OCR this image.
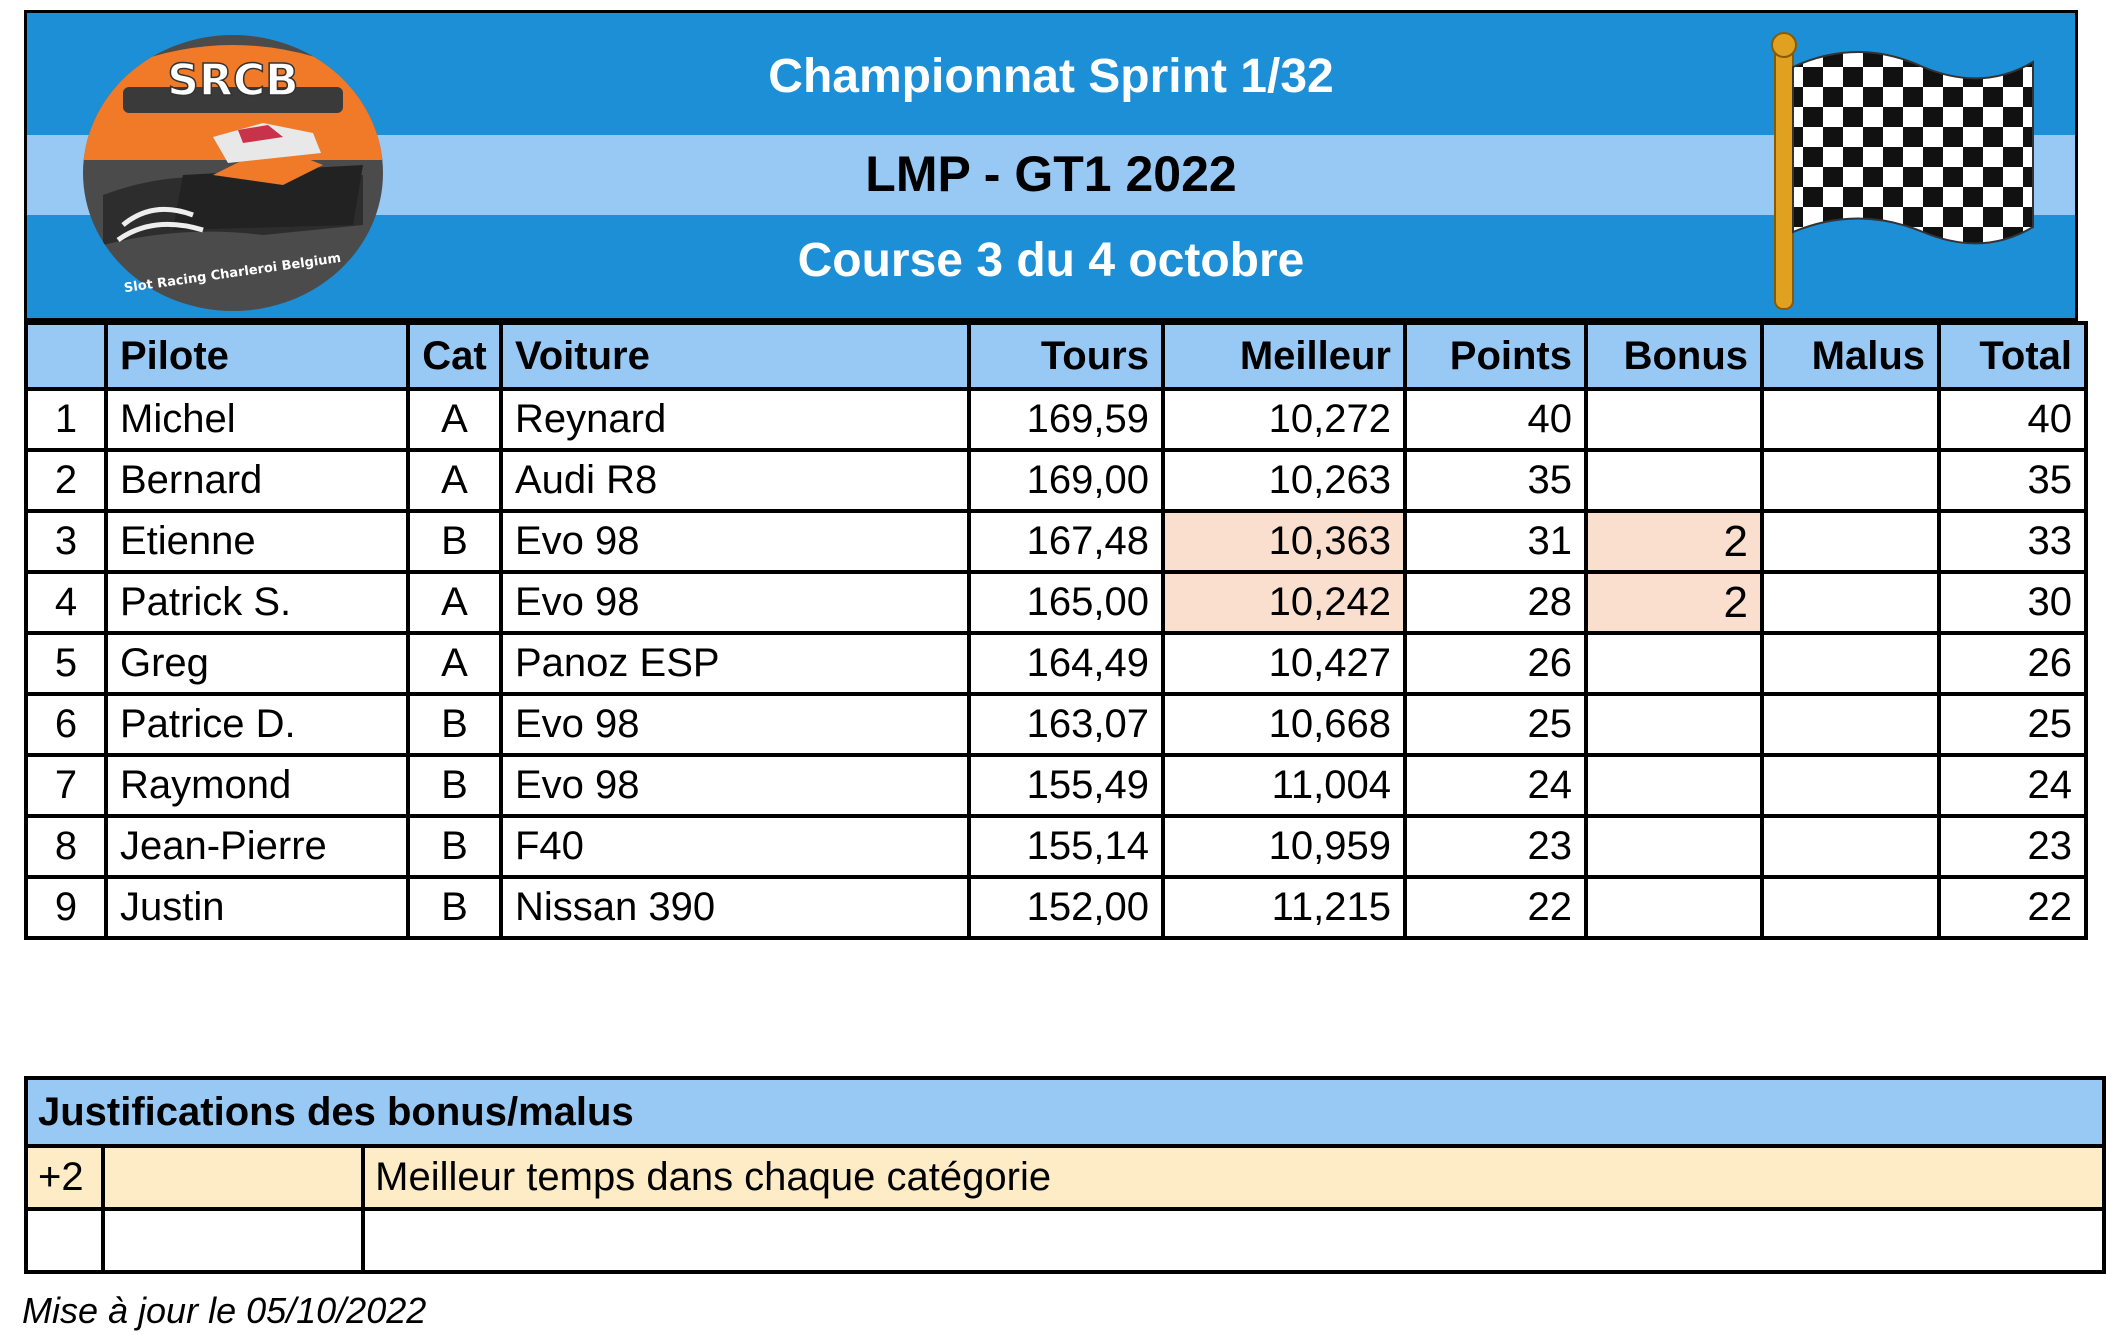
SRCB
Slot Racing Charleroi Belgium
Championnat Sprint 1/32
LMP - GT1 2022
Course 3 du 4 octobre
	Pilote	Cat	Voiture	Tours	Meilleur	Points	Bonus	Malus	Total
1	Michel	A	Reynard	169,59	10,272	40			40
2	Bernard	A	Audi R8	169,00	10,263	35			35
3	Etienne	B	Evo 98	167,48	10,363	31	2		33
4	Patrick S.	A	Evo 98	165,00	10,242	28	2		30
5	Greg	A	Panoz ESP	164,49	10,427	26			26
6	Patrice D.	B	Evo 98	163,07	10,668	25			25
7	Raymond	B	Evo 98	155,49	11,004	24			24
8	Jean-Pierre	B	F40	155,14	10,959	23			23
9	Justin	B	Nissan 390	152,00	11,215	22			22
Justifications des bonus/malus		
+2		Meilleur temps dans chaque catégorie

Mise à jour le 05/10/2022
